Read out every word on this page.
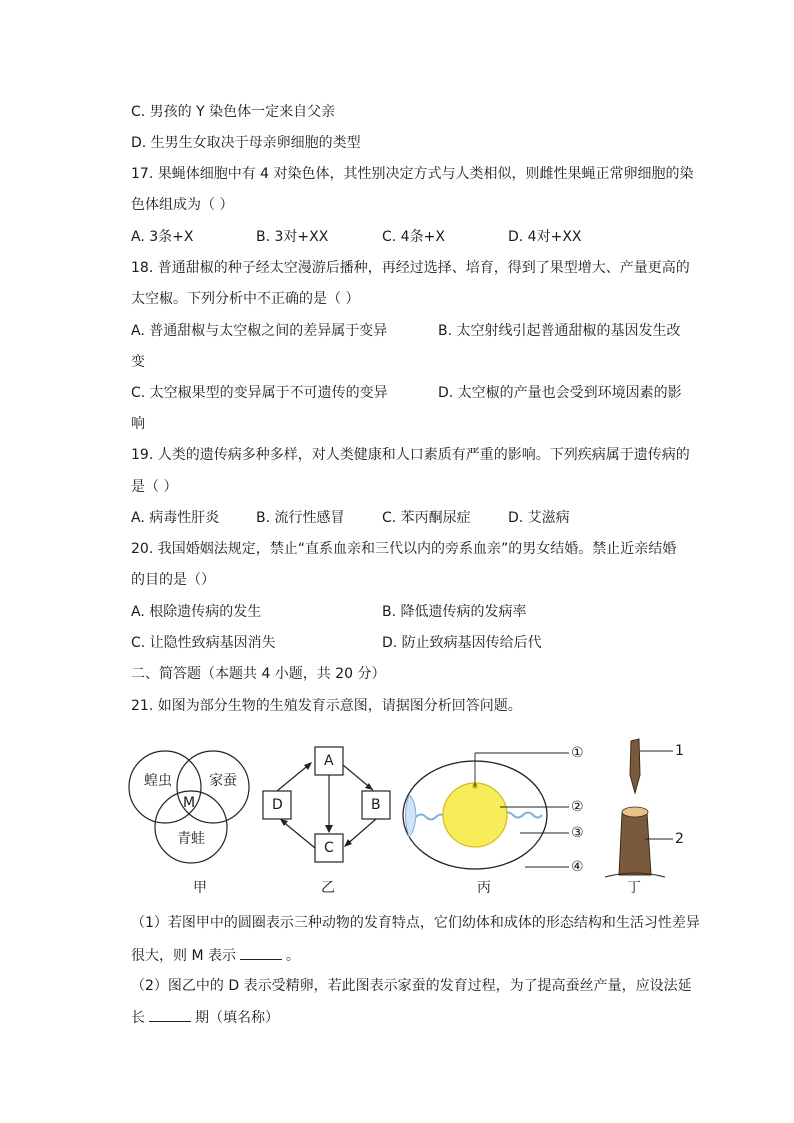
C. 男孩的 Y 染色体一定来自父亲
D. 生男生女取决于母亲卵细胞的类型
17. 果蝇体细胞中有 4 对染色体，其性别决定方式与人类相似，则雌性果蝇正常卵细胞的染
色体组成为（ ）
A. 3条+X	B. 3对+XX	C. 4条+X	D. 4对+XX
18. 普通甜椒的种子经太空漫游后播种，再经过选择、培育，得到了果型增大、产量更高的
太空椒。下列分析中不正确的是（ ）
A. 普通甜椒与太空椒之间的差异属于变异	B. 太空射线引起普通甜椒的基因发生改
变
C. 太空椒果型的变异属于不可遗传的变异	D. 太空椒的产量也会受到环境因素的影
响
19. 人类的遗传病多种多样，对人类健康和人口素质有严重的影响。下列疾病属于遗传病的
是（ ）
A. 病毒性肝炎	B. 流行性感冒	C. 苯丙酮尿症	D. 艾滋病
20. 我国婚姻法规定，禁止“直系血亲和三代以内的旁系血亲”的男女结婚。禁止近亲结婚
的目的是（）
A. 根除遗传病的发生	B. 降低遗传病的发病率
C. 让隐性致病基因消失	D. 防止致病基因传给后代
二、简答题（本题共 4 小题，共 20 分）
21. 如图为部分生物的生殖发育示意图，请据图分析回答问题。
蝗虫	家蚕
M
青蛙
甲
A
B
C
D
乙
①
②
③
④
丙
1
2
丁
（1）若图甲中的圆圈表示三种动物的发育特点，它们幼体和成体的形态结构和生活习性差异
很大，则 M 表示	。
（2）图乙中的 D 表示受精卵，若此图表示家蚕的发育过程，为了提高蚕丝产量，应设法延
长	期（填名称）
